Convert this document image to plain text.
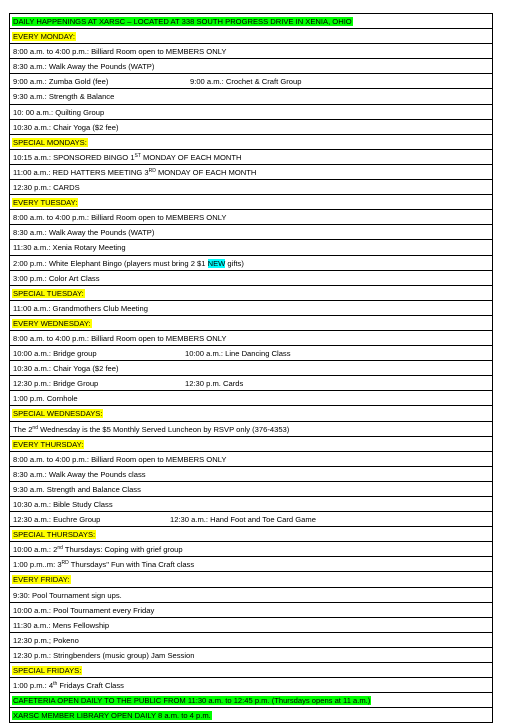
DAILY HAPPENINGS AT XARSC – LOCATED AT 338 SOUTH PROGRESS DRIVE IN XENIA, OHIO
EVERY MONDAY:
8:00 a.m. to 4:00 p.m.: Billiard Room open to MEMBERS ONLY
8:30 a.m.: Walk Away the Pounds (WATP)
9:00 a.m.: Zumba Gold (fee)	9:00 a.m.: Crochet & Craft Group
9:30 a.m.: Strength & Balance
10: 00 a.m.: Quilting Group
10:30 a.m.: Chair Yoga ($2 fee)
SPECIAL MONDAYS:
10:15 a.m.: SPONSORED BINGO 1ST MONDAY OF EACH MONTH
11:00 a.m.: RED HATTERS MEETING 3RD MONDAY OF EACH MONTH
12:30 p.m.: CARDS
EVERY TUESDAY:
8:00 a.m. to 4:00 p.m.: Billiard Room open to MEMBERS ONLY
8:30 a.m.: Walk Away the Pounds (WATP)
11:30 a.m.: Xenia Rotary Meeting
2:00 p.m.: White Elephant Bingo (players must bring 2 $1 NEW gifts)
3:00 p.m.: Color Art Class
SPECIAL TUESDAY:
11:00 a.m.: Grandmothers Club Meeting
EVERY WEDNESDAY:
8:00 a.m. to 4:00 p.m.: Billiard Room open to MEMBERS ONLY
10:00 a.m.: Bridge group	10:00 a.m.: Line Dancing Class
10:30 a.m.: Chair Yoga ($2 fee)
12:30 p.m.: Bridge Group	12:30 p.m. Cards
1:00 p.m. Cornhole
SPECIAL WEDNESDAYS:
The 2nd Wednesday is the $5 Monthly Served Luncheon by RSVP only (376-4353)
EVERY THURSDAY:
8:00 a.m. to 4:00 p.m.: Billiard Room open to MEMBERS ONLY
8:30 a.m.: Walk Away the Pounds class
9:30 a.m. Strength and Balance Class
10:30 a.m.: Bible Study Class
12:30 a.m.: Euchre Group	12:30 a.m.: Hand Foot and Toe Card Game
SPECIAL THURSDAYS:
10:00 a.m.: 2nd Thursdays: Coping with grief group
1:00 p.m..m: 3RD Thursdays" Fun with Tina Craft class
EVERY FRIDAY:
9:30: Pool Tournament sign ups.
10:00 a.m.: Pool Tournament every Friday
11:30 a.m.: Mens Fellowship
12:30 p.m.; Pokeno
12:30 p.m.: Stringbenders (music group) Jam Session
SPECIAL FRIDAYS:
1:00 p.m.: 4th Fridays Craft Class
CAFETERIA OPEN DAILY TO THE PUBLIC FROM 11:30 a.m. to 12:45 p.m. (Thursdays opens at 11 a.m.)
XARSC MEMBER LIBRARY OPEN DAILY 8 a.m. to 4 p.m.
